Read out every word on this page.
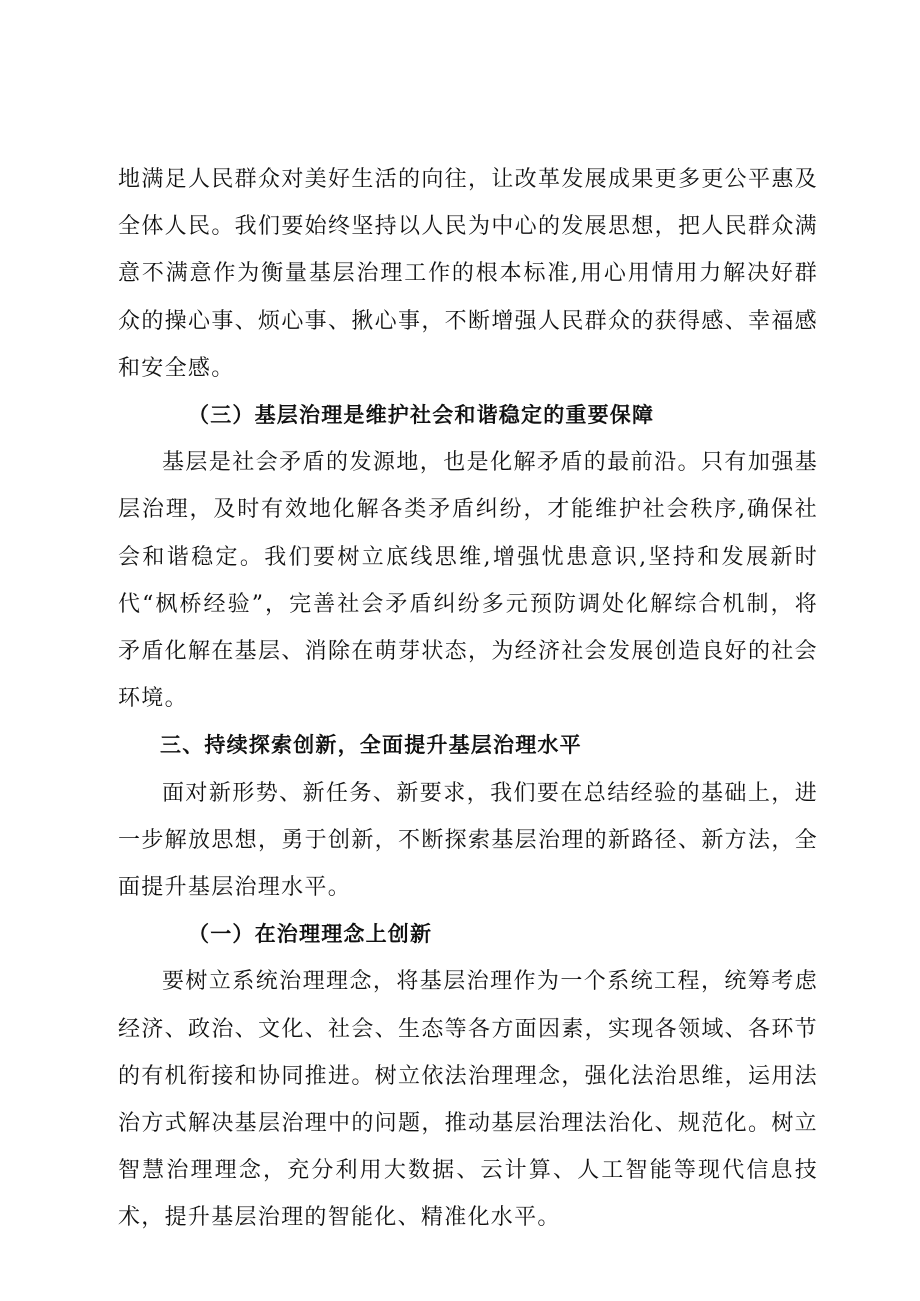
地满足人民群众对美好生活的向往，让改革发展成果更多更公平惠及全体人民。我们要始终坚持以人民为中心的发展思想，把人民群众满意不满意作为衡量基层治理工作的根本标准,用心用情用力解决好群众的操心事、烦心事、揪心事，不断增强人民群众的获得感、幸福感和安全感。

（三）基层治理是维护社会和谐稳定的重要保障

基层是社会矛盾的发源地，也是化解矛盾的最前沿。只有加强基层治理，及时有效地化解各类矛盾纠纷，才能维护社会秩序,确保社会和谐稳定。我们要树立底线思维,增强忧患意识,坚持和发展新时代“枫桥经验”，完善社会矛盾纠纷多元预防调处化解综合机制，将矛盾化解在基层、消除在萌芽状态，为经济社会发展创造良好的社会环境。

三、持续探索创新，全面提升基层治理水平

面对新形势、新任务、新要求，我们要在总结经验的基础上，进一步解放思想，勇于创新，不断探索基层治理的新路径、新方法，全面提升基层治理水平。

（一）在治理理念上创新

要树立系统治理理念，将基层治理作为一个系统工程，统筹考虑经济、政治、文化、社会、生态等各方面因素，实现各领域、各环节的有机衔接和协同推进。树立依法治理理念，强化法治思维，运用法治方式解决基层治理中的问题，推动基层治理法治化、规范化。树立智慧治理理念，充分利用大数据、云计算、人工智能等现代信息技术，提升基层治理的智能化、精准化水平。
